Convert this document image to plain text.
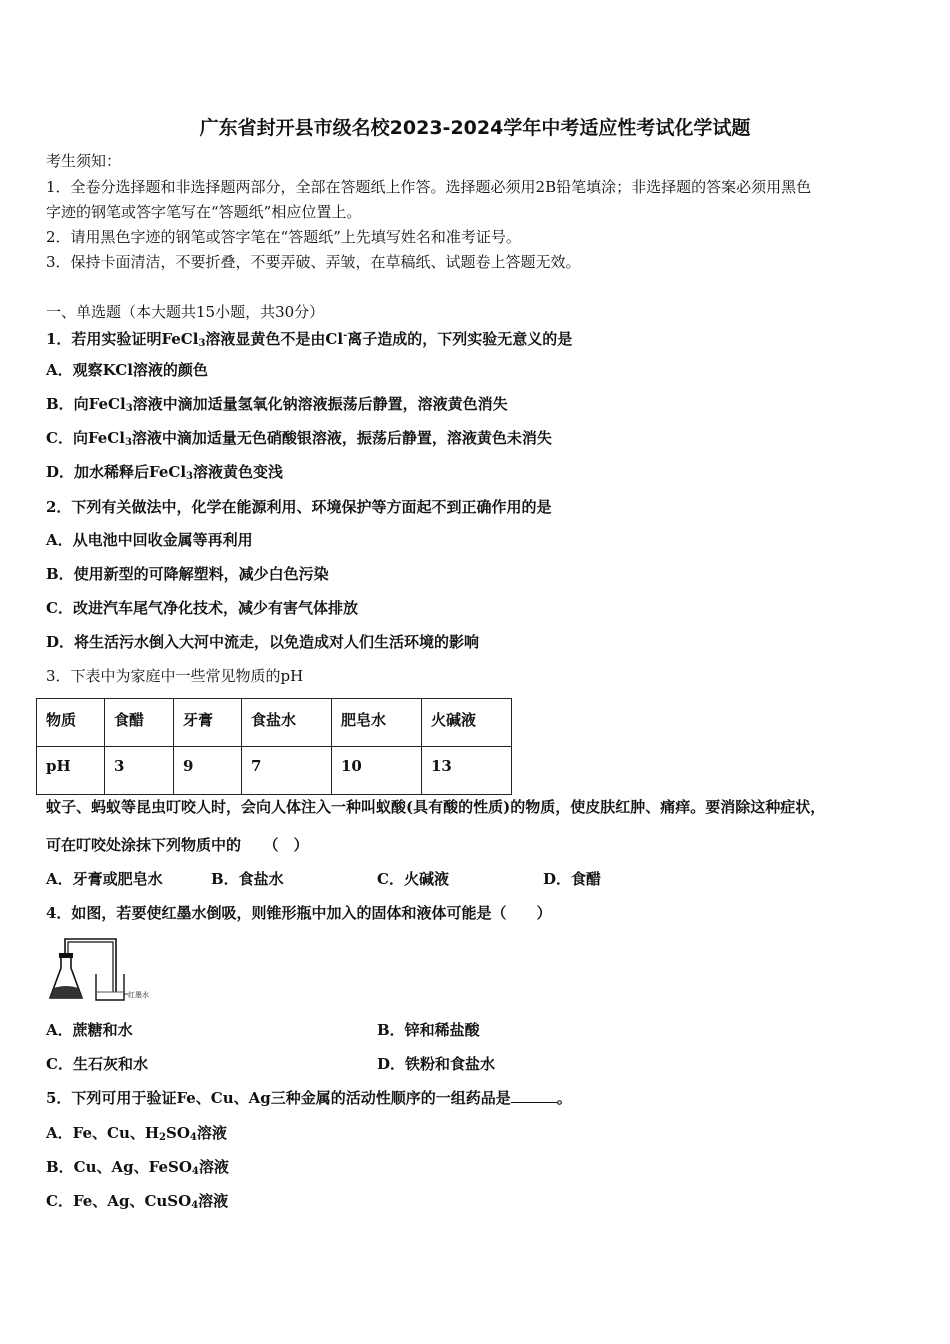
广东省封开县市级名校2023-2024学年中考适应性考试化学试题
考生须知：
1．全卷分选择题和非选择题两部分，全部在答题纸上作答。选择题必须用2B铅笔填涂；非选择题的答案必须用黑色
字迹的钢笔或答字笔写在“答题纸”相应位置上。
2．请用黑色字迹的钢笔或答字笔在“答题纸”上先填写姓名和准考证号。
3．保持卡面清洁，不要折叠，不要弄破、弄皱，在草稿纸、试题卷上答题无效。
一、单选题（本大题共15小题，共30分）
1．若用实验证明FeCl$_3$溶液显黄色不是由Cl-离子造成的，下列实验无意义的是
A．观察KCl溶液的颜色
B．向FeCl$_3$溶液中滴加适量氢氧化钠溶液振荡后静置，溶液黄色消失
C．向FeCl$_3$溶液中滴加适量无色硝酸银溶液，振荡后静置，溶液黄色未消失
D．加水稀释后FeCl$_3$溶液黄色变浅
2．下列有关做法中，化学在能源利用、环境保护等方面起不到正确作用的是
A．从电池中回收金属等再利用
B．使用新型的可降解塑料，减少白色污染
C．改进汽车尾气净化技术，减少有害气体排放
D．将生活污水倒入大河中流走，以免造成对人们生活环境的影响
3．下表中为家庭中一些常见物质的pH
物质	食醋	牙膏	食盐水	肥皂水	火碱液
pH	3	9	7	10	13
蚊子、蚂蚁等昆虫叮咬人时，会向人体注入一种叫蚁酸(具有酸的性质)的物质，使皮肤红肿、痛痒。要消除这种症状，
可在叮咬处涂抹下列物质中的　　（　）
A．牙膏或肥皂水	B．食盐水	C．火碱液	D．食醋
4．如图，若要使红墨水倒吸，则锥形瓶中加入的固体和液体可能是（　　）
红墨水
A．蔗糖和水	B．锌和稀盐酸
C．生石灰和水	D．铁粉和食盐水
5．下列可用于验证Fe、Cu、Ag三种金属的活动性顺序的一组药品是	。
A．Fe、Cu、$H_2SO_4$溶液
B．Cu、Ag、FeSO$_4$溶液
C．Fe、Ag、CuSO$_4$溶液
